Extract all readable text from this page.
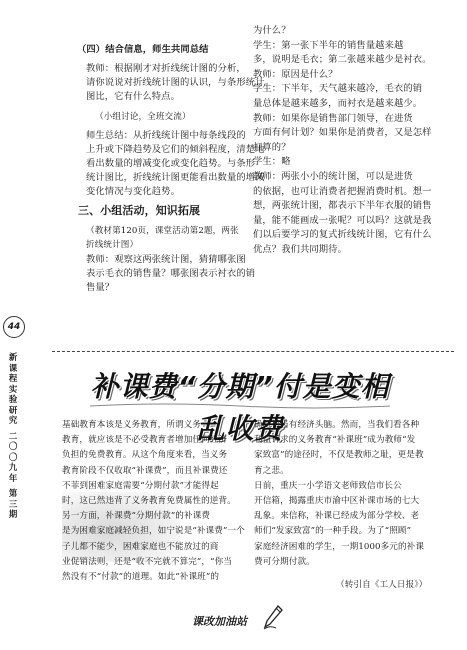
（四）结合信息，师生共同总结
教师：根据刚才对折线统计图的分析，
请你说说对折线统计图的认识，与条形统计
图比，它有什么特点。
（小组讨论，全班交流）
师生总结：从折线统计图中每条线段的
上升或下降趋势及它们的倾斜程度，清楚地
看出数量的增减变化或变化趋势。与条形
统计图比，折线统计图更能看出数量的增减
变化情况与变化趋势。
三、小组活动，知识拓展
（教材第120页，课堂活动第2题，两张
折线统计图）
教师：观察这两张统计图，猜猜哪张图
表示毛衣的销售量？哪张图表示衬衣的销
售量？
为什么？
学生：第一张下半年的销售量越来越
多，说明是毛衣；第二张越来越少是衬衣。
教师：原因是什么？
学生：下半年，天气越来越冷，毛衣的销
量总体是越来越多，而衬衣是越来越少。
教师：如果你是销售部门领导，在进货
方面有何计划？如果你是消费者，又是怎样
打算的？
学生：略
教师：两张小小的统计图，可以是进货
的依据，也可让消费者把握消费时机。想一
想，两张统计图，都表示下半年衣服的销售
量，能不能画成一张呢？可以吗？这就是我
们以后要学习的复式折线统计图，它有什么
优点？我们共同期待。
44
新课程实验研究
二〇〇九年
第三期
补课费“分期”付是变相乱收费
基础教育本该是义务教育，所谓义务
教育，就应该是不必受教育者增加任何经济
负担的免费教育。从这个角度来看，当义务
教育阶段不仅收取“补课费”，而且补课费还
不菲到困难家庭需要“分期付款”才能得起
时，这已然违背了义务教育免费属性的逆背。
另一方面，补课费“分期付款”的补课费
是为困难家庭减轻负担，如宁说是“补课费”一个
子儿都不能少，困难家庭也不能放过的商
业促销法则，还是“收不完就不算完”，“你当
然没有不“付款”的道理。如此“补课班”的
确是相当有经济头脑。然而，当我们看各种
利益诉求的义务教育“补课班”成为教师“发
家致富”的途径时，不仅是教师之耻，更是教
育之悲。
日前，重庆一小学语文老师致信市长公
开信箱，揭露重庆市渝中区补课市场的七大
乱象。来信称，补课已经成为部分学校、老
师们“发家致富”的一种手段。为了“照顾”
家庭经济困难的学生，一期1000多元的补课
费可分期付款。
（转引自《工人日报》）
课改加油站
